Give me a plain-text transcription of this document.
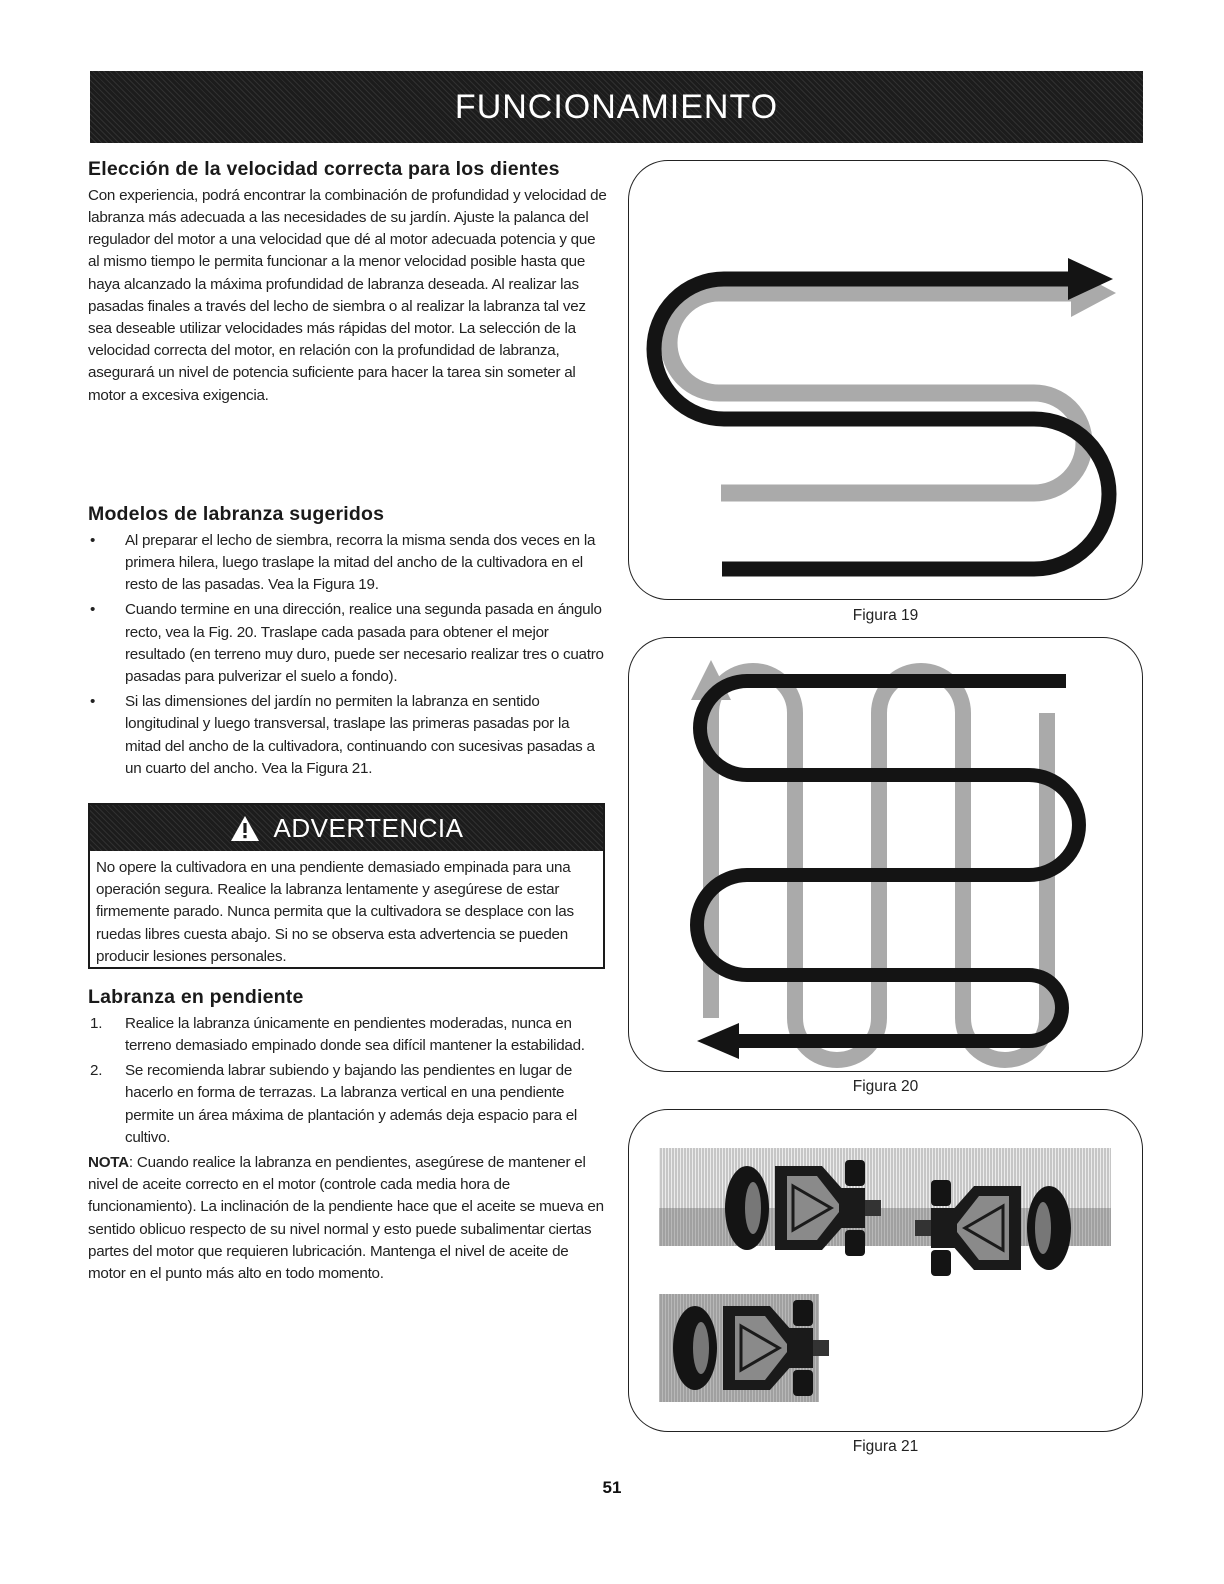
FUNCIONAMIENTO
Elección de la velocidad correcta para los dientes

Con experiencia, podrá encontrar la combinación de profundidad y velocidad de labranza más adecuada a las necesidades de su jardín. Ajuste la palanca del regulador del motor a una velocidad que dé al motor adecuada potencia y que al mismo tiempo le permita funcionar a la menor velocidad posible hasta que haya alcanzado la máxima profundidad de labranza deseada. Al realizar las pasadas finales a través del lecho de siembra o al realizar la labranza tal vez sea deseable utilizar velocidades más rápidas del motor. La selección de la velocidad correcta del motor, en relación con la profundidad de labranza, asegurará un nivel de potencia suficiente para hacer la tarea sin someter al motor a excesiva exigencia.

Modelos de labranza sugeridos
• Al preparar el lecho de siembra, recorra la misma senda dos veces en la primera hilera, luego traslape la mitad del ancho de la cultivadora en el resto de las pasadas. Vea la Figura 19.
• Cuando termine en una dirección, realice una segunda pasada en ángulo recto, vea la Fig. 20. Traslape cada pasada para obtener el mejor resultado (en terreno muy duro, puede ser necesario realizar tres o cuatro pasadas para pulverizar el suelo a fondo).
• Si las dimensiones del jardín no permiten la labranza en sentido longitudinal y luego transversal, traslape las primeras pasadas por la mitad del ancho de la cultivadora, continuando con sucesivas pasadas a un cuarto del ancho. Vea la Figura 21.
ADVERTENCIA

No opere la cultivadora en una pendiente demasiado empinada para una operación segura. Realice la labranza lentamente y asegúrese de estar firmemente parado. Nunca permita que la cultivadora se desplace con las ruedas libres cuesta abajo. Si no se observa esta advertencia se pueden producir lesiones personales.

Labranza en pendiente
1. Realice la labranza únicamente en pendientes moderadas, nunca en terreno demasiado empinado donde sea difícil mantener la estabilidad.
2. Se recomienda labrar subiendo y bajando las pendientes en lugar de hacerlo en forma de terrazas. La labranza vertical en una pendiente permite un área máxima de plantación y además deja espacio para el cultivo.

NOTA: Cuando realice la labranza en pendientes, asegúrese de mantener el nivel de aceite correcto en el motor (controle cada media hora de funcionamiento). La inclinación de la pendiente hace que el aceite se mueva en sentido oblicuo respecto de su nivel normal y esto puede subalimentar ciertas partes del motor que requieren lubricación. Mantenga el nivel de aceite de motor en el punto más alto en todo momento.

Figura 19
Figura 20
Figura 21
51
